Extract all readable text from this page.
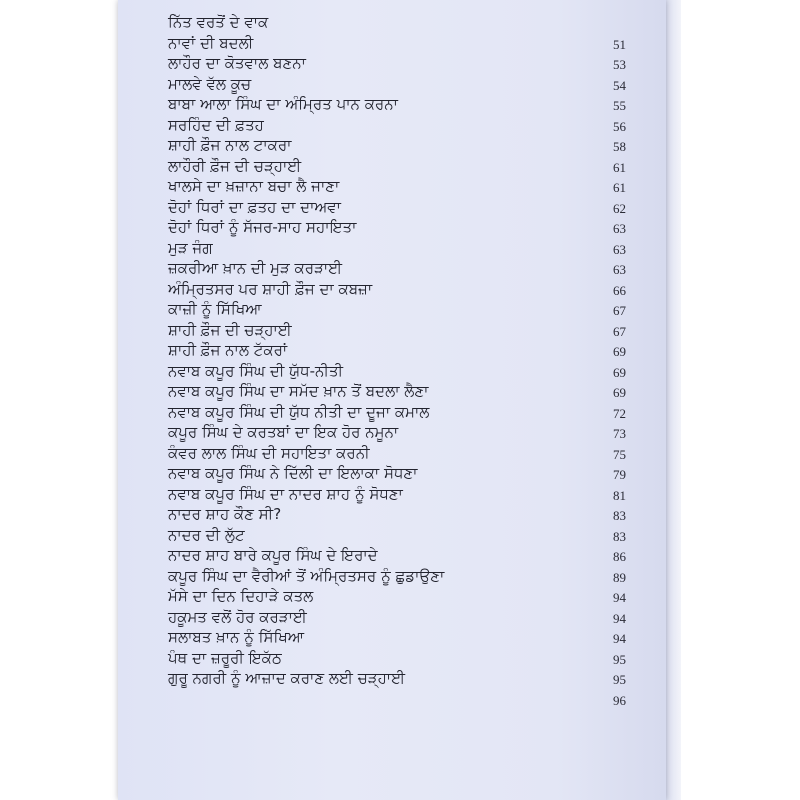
ਨਿੱਤ ਵਰਤੋਂ ਦੇ ਵਾਕ
ਨਾਵਾਂ ਦੀ ਬਦਲੀ	51
ਲਾਹੌਰ ਦਾ ਕੋਤਵਾਲ ਬਣਨਾ	53
ਮਾਲਵੇ ਵੱਲ ਕੂਚ	54
ਬਾਬਾ ਆਲਾ ਸਿੰਘ ਦਾ ਅੰਮ੍ਰਿਤ ਪਾਨ ਕਰਨਾ	55
ਸਰਹਿੰਦ ਦੀ ਫ਼ਤਹ	56
ਸ਼ਾਹੀ ਫ਼ੌਜ ਨਾਲ ਟਾਕਰਾ	58
ਲਾਹੌਰੀ ਫ਼ੌਜ ਦੀ ਚੜ੍ਹਾਈ	61
ਖਾਲਸੇ ਦਾ ਖ਼ਜ਼ਾਨਾ ਬਚਾ ਲੈ ਜਾਣਾ	61
ਦੋਹਾਂ ਧਿਰਾਂ ਦਾ ਫ਼ਤਹ ਦਾ ਦਾਅਵਾ	62
ਦੋਹਾਂ ਧਿਰਾਂ ਨੂੰ ਸੱਜਰ-ਸਾਹ ਸਹਾਇਤਾ	63
ਮੁੜ ਜੰਗ	63
ਜ਼ਕਰੀਆ ਖ਼ਾਨ ਦੀ ਮੁੜ ਕਰੜਾਈ	63
ਅੰਮ੍ਰਿਤਸਰ ਪਰ ਸ਼ਾਹੀ ਫ਼ੌਜ ਦਾ ਕਬਜ਼ਾ	66
ਕਾਜ਼ੀ ਨੂੰ ਸਿੱਖਿਆ	67
ਸ਼ਾਹੀ ਫ਼ੌਜ ਦੀ ਚੜ੍ਹਾਈ	67
ਸ਼ਾਹੀ ਫ਼ੌਜ ਨਾਲ ਟੱਕਰਾਂ	69
ਨਵਾਬ ਕਪੂਰ ਸਿੰਘ ਦੀ ਯੁੱਧ-ਨੀਤੀ	69
ਨਵਾਬ ਕਪੂਰ ਸਿੰਘ ਦਾ ਸਮੱਦ ਖ਼ਾਨ ਤੋਂ ਬਦਲਾ ਲੈਣਾ	69
ਨਵਾਬ ਕਪੂਰ ਸਿੰਘ ਦੀ ਯੁੱਧ ਨੀਤੀ ਦਾ ਦੂਜਾ ਕਮਾਲ	72
ਕਪੂਰ ਸਿੰਘ ਦੇ ਕਰਤਬਾਂ ਦਾ ਇਕ ਹੋਰ ਨਮੂਨਾ	73
ਕੰਵਰ ਲਾਲ ਸਿੰਘ ਦੀ ਸਹਾਇਤਾ ਕਰਨੀ	75
ਨਵਾਬ ਕਪੂਰ ਸਿੰਘ ਨੇ ਦਿੱਲੀ ਦਾ ਇਲਾਕਾ ਸੋਧਣਾ	79
ਨਵਾਬ ਕਪੂਰ ਸਿੰਘ ਦਾ ਨਾਦਰ ਸ਼ਾਹ ਨੂੰ ਸੋਧਣਾ	81
ਨਾਦਰ ਸ਼ਾਹ ਕੌਣ ਸੀ?	83
ਨਾਦਰ ਦੀ ਲੁੱਟ	83
ਨਾਦਰ ਸ਼ਾਹ ਬਾਰੇ ਕਪੂਰ ਸਿੰਘ ਦੇ ਇਰਾਦੇ	86
ਕਪੂਰ ਸਿੰਘ ਦਾ ਵੈਰੀਆਂ ਤੋਂ ਅੰਮ੍ਰਿਤਸਰ ਨੂੰ ਛੁਡਾਉਣਾ	89
ਮੱਸੇ ਦਾ ਦਿਨ ਦਿਹਾੜੇ ਕਤਲ	94
ਹਕੂਮਤ ਵਲੋਂ ਹੋਰ ਕਰੜਾਈ	94
ਸਲਾਬਤ ਖ਼ਾਨ ਨੂੰ ਸਿੱਖਿਆ	94
ਪੰਥ ਦਾ ਜ਼ਰੂਰੀ ਇਕੱਠ	95
ਗੁਰੂ ਨਗਰੀ ਨੂੰ ਆਜ਼ਾਦ ਕਰਾਣ ਲਈ ਚੜ੍ਹਾਈ	95
96
